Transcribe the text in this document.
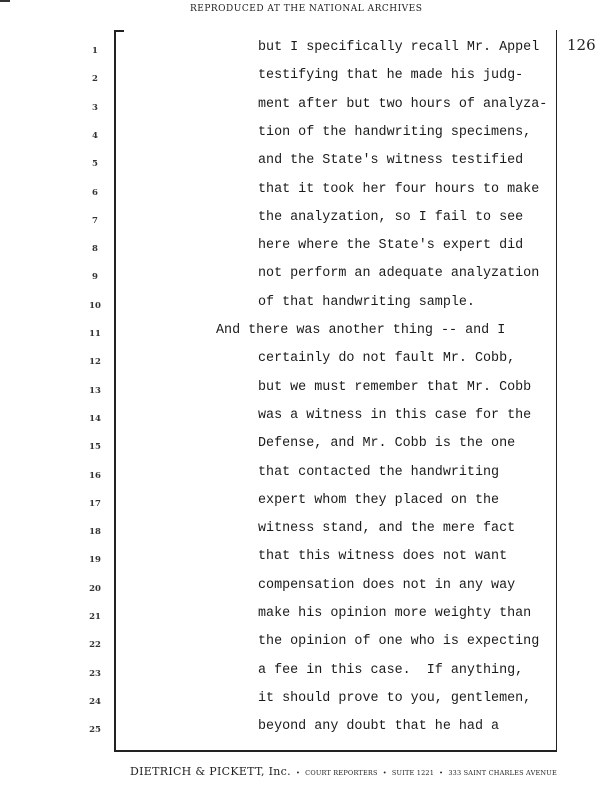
REPRODUCED AT THE NATIONAL ARCHIVES
126
1	but I specifically recall Mr. Appel
2	testifying that he made his judg-
3	ment after but two hours of analyza-
4	tion of the handwriting specimens,
5	and the State's witness testified
6	that it took her four hours to make
7	the analyzation, so I fail to see
8	here where the State's expert did
9	not perform an adequate analyzation
10	of that handwriting sample.
11	And there was another thing -- and I
12	certainly do not fault Mr. Cobb,
13	but we must remember that Mr. Cobb
14	was a witness in this case for the
15	Defense, and Mr. Cobb is the one
16	that contacted the handwriting
17	expert whom they placed on the
18	witness stand, and the mere fact
19	that this witness does not want
20	compensation does not in any way
21	make his opinion more weighty than
22	the opinion of one who is expecting
23	a fee in this case.  If anything,
24	it should prove to you, gentlemen,
25	beyond any doubt that he had a
DIETRICH & PICKETT, Inc. • COURT REPORTERS • SUITE 1221 • 333 SAINT CHARLES AVENUE
